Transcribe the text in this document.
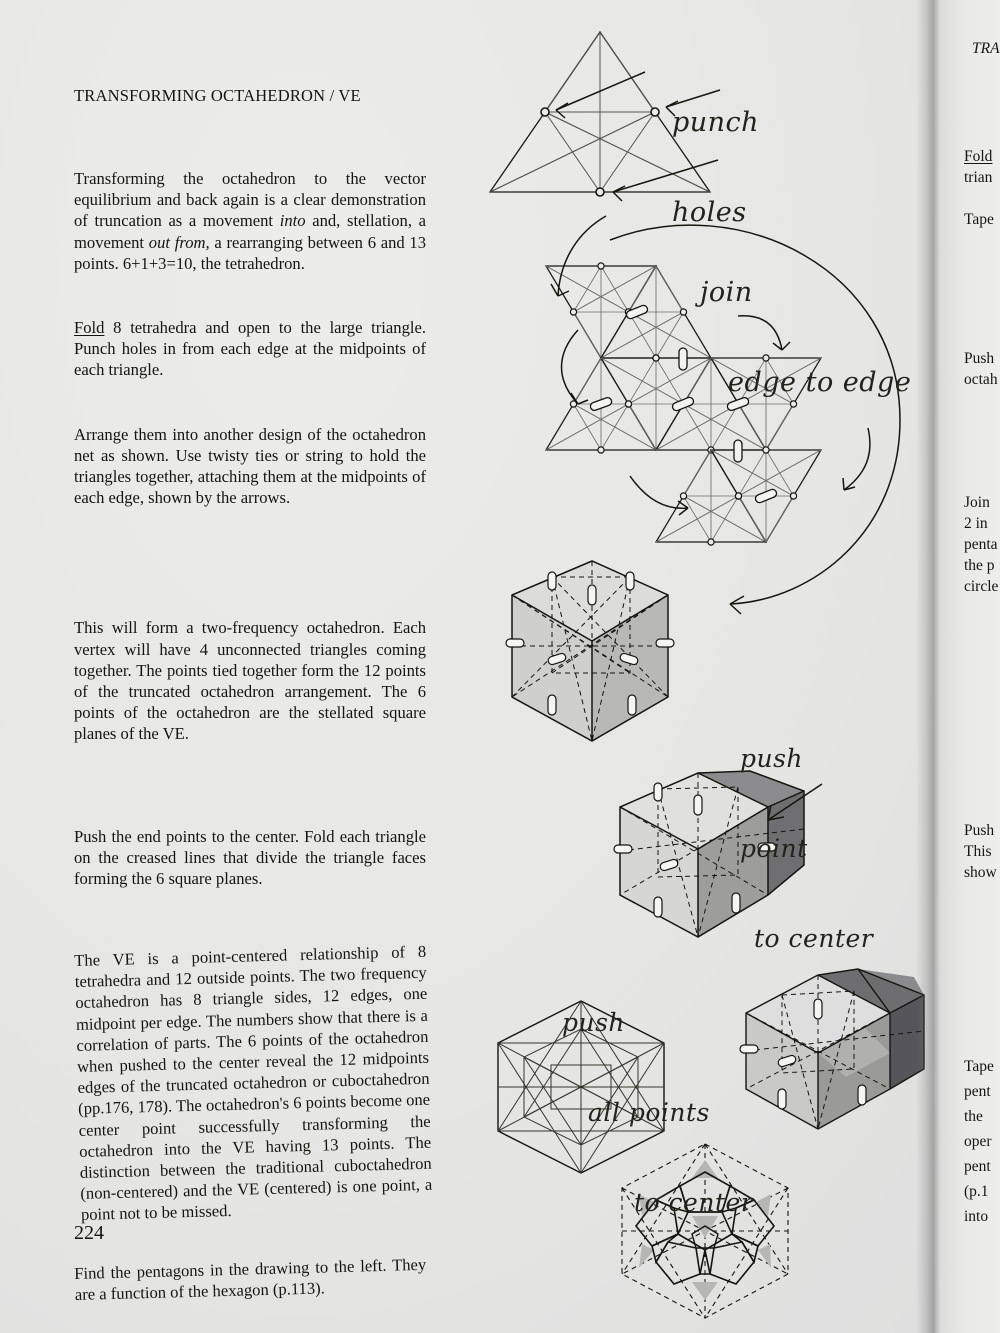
punch

holes

join

edge to edge

push

point

to center

push

all points

to center

TRANSFORMING OCTAHEDRON / VE

Transforming the octahedron to the vector equilibrium and back again is a clear demonstration of truncation as a movement into and, stellation, a movement out from, a rearranging between 6 and 13 points. 6+1+3=10, the tetrahedron.

Fold 8 tetrahedra and open to the large triangle. Punch holes in from each edge at the midpoints of each triangle.

Arrange them into another design of the octahedron net as shown. Use twisty ties or string to hold the triangles together, attaching them at the midpoints of each edge, shown by the arrows.

This will form a two-frequency octahedron. Each vertex will have 4 unconnected triangles coming together. The points tied together form the 12 points of the truncated octahedron arrangement. The 6 points of the octahedron are the stellated square planes of the VE.

Push the end points to the center. Fold each triangle on the creased lines that divide the triangle faces forming the 6 square planes.

The VE is a point-centered relationship of 8 tetrahedra and 12 outside points. The two frequency octahedron has 8 triangle sides, 12 edges, one midpoint per edge. The numbers show that there is a correlation of parts. The 6 points of the octahedron when pushed to the center reveal the 12 midpoints edges of the truncated octahedron or cuboctahedron (pp.176, 178). The octahedron's 6 points become one center point successfully transforming the octahedron into the VE having 13 points. The distinction between the traditional cuboctahedron (non-centered) and the VE (centered) is one point, a point not to be missed.

Find the pentagons in the drawing to the left. They are a function of the hexagon (p.113).

224
TRA
Fold
trian
Tape
Push
octah
Join
2 in
penta
the p
circle
Push
This
show
Tape
pent
the
oper
pent
(p.1
into
